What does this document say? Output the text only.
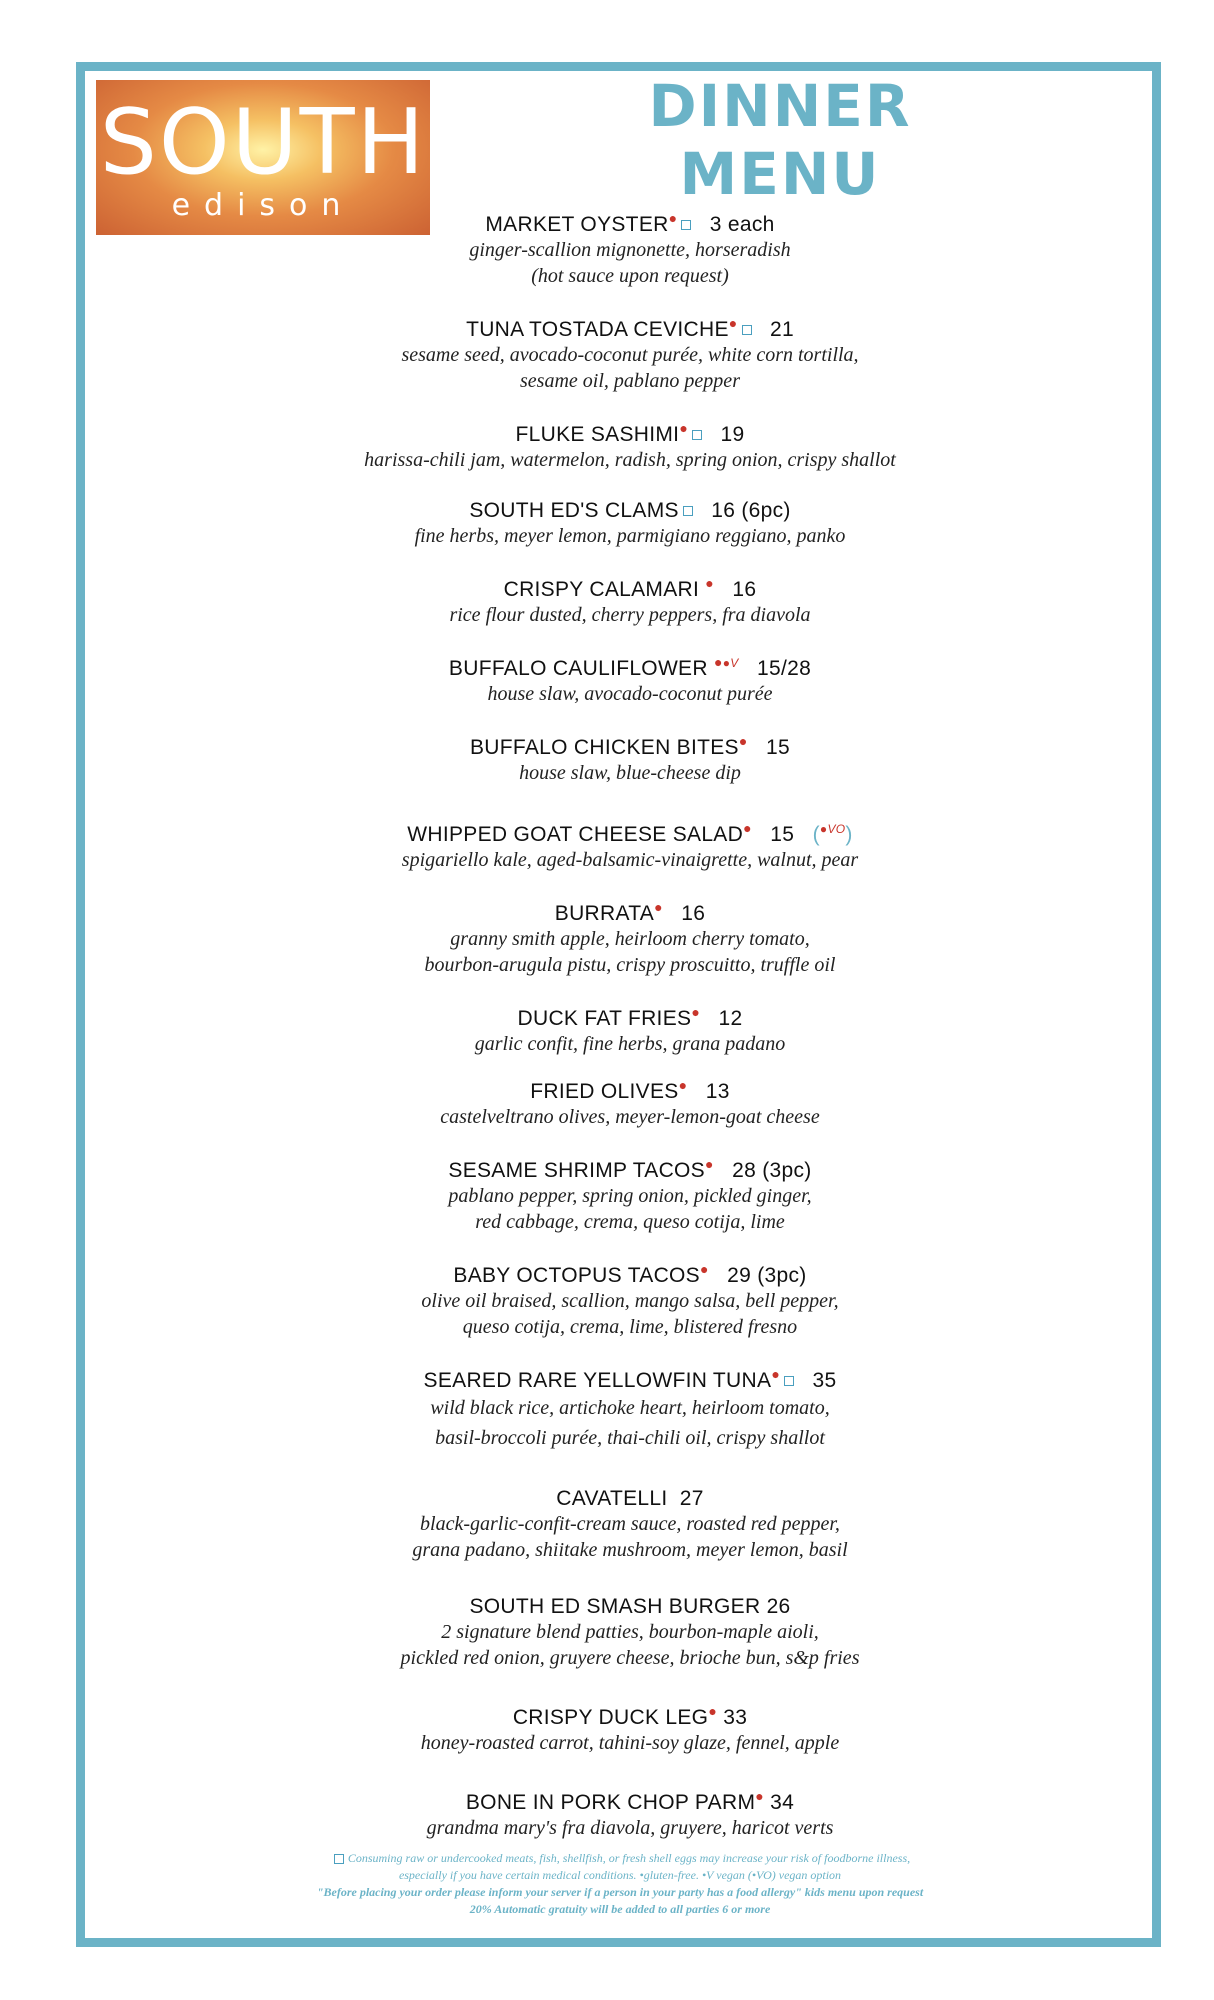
SOUTH
edison
DINNER MENU
MARKET OYSTER● 3 each
ginger-scallion mignonette, horseradish
(hot sauce upon request)
TUNA TOSTADA CEVICHE● 21
sesame seed, avocado-coconut purée, white corn tortilla,
sesame oil, pablano pepper
FLUKE SASHIMI● 19
harissa-chili jam, watermelon, radish, spring onion, crispy shallot
SOUTH ED'S CLAMS 16 (6pc)
fine herbs, meyer lemon, parmigiano reggiano, panko
CRISPY CALAMARI ● 16
rice flour dusted, cherry peppers, fra diavola
BUFFALO CAULIFLOWER $^{●●V}$ 15/28
house slaw, avocado-coconut purée
BUFFALO CHICKEN BITES● 15
house slaw, blue-cheese dip
WHIPPED GOAT CHEESE SALAD● 15 ($^{●VO}$)
spigariello kale, aged-balsamic-vinaigrette, walnut, pear
BURRATA● 16
granny smith apple, heirloom cherry tomato,
bourbon-arugula pistu, crispy proscuitto, truffle oil
DUCK FAT FRIES● 12
garlic confit, fine herbs, grana padano
FRIED OLIVES● 13
castelveltrano olives, meyer-lemon-goat cheese
SESAME SHRIMP TACOS● 28 (3pc)
pablano pepper, spring onion, pickled ginger,
red cabbage, crema, queso cotija, lime
BABY OCTOPUS TACOS● 29 (3pc)
olive oil braised, scallion, mango salsa, bell pepper,
queso cotija, crema, lime, blistered fresno
SEARED RARE YELLOWFIN TUNA● 35
wild black rice, artichoke heart, heirloom tomato,
basil-broccoli purée, thai-chili oil, crispy shallot
CAVATELLI 27
black-garlic-confit-cream sauce, roasted red pepper,
grana padano, shiitake mushroom, meyer lemon, basil
SOUTH ED SMASH BURGER 26
2 signature blend patties, bourbon-maple aioli,
pickled red onion, gruyere cheese, brioche bun, s&p fries
CRISPY DUCK LEG● 33
honey-roasted carrot, tahini-soy glaze, fennel, apple
BONE IN PORK CHOP PARM● 34
grandma mary's fra diavola, gruyere, haricot verts
Consuming raw or undercooked meats, fish, shellfish, or fresh shell eggs may increase your risk of foodborne illness,
especially if you have certain medical conditions. •gluten-free. •V vegan (•VO) vegan option
"Before placing your order please inform your server if a person in your party has a food allergy" kids menu upon request
20% Automatic gratuity will be added to all parties 6 or more
